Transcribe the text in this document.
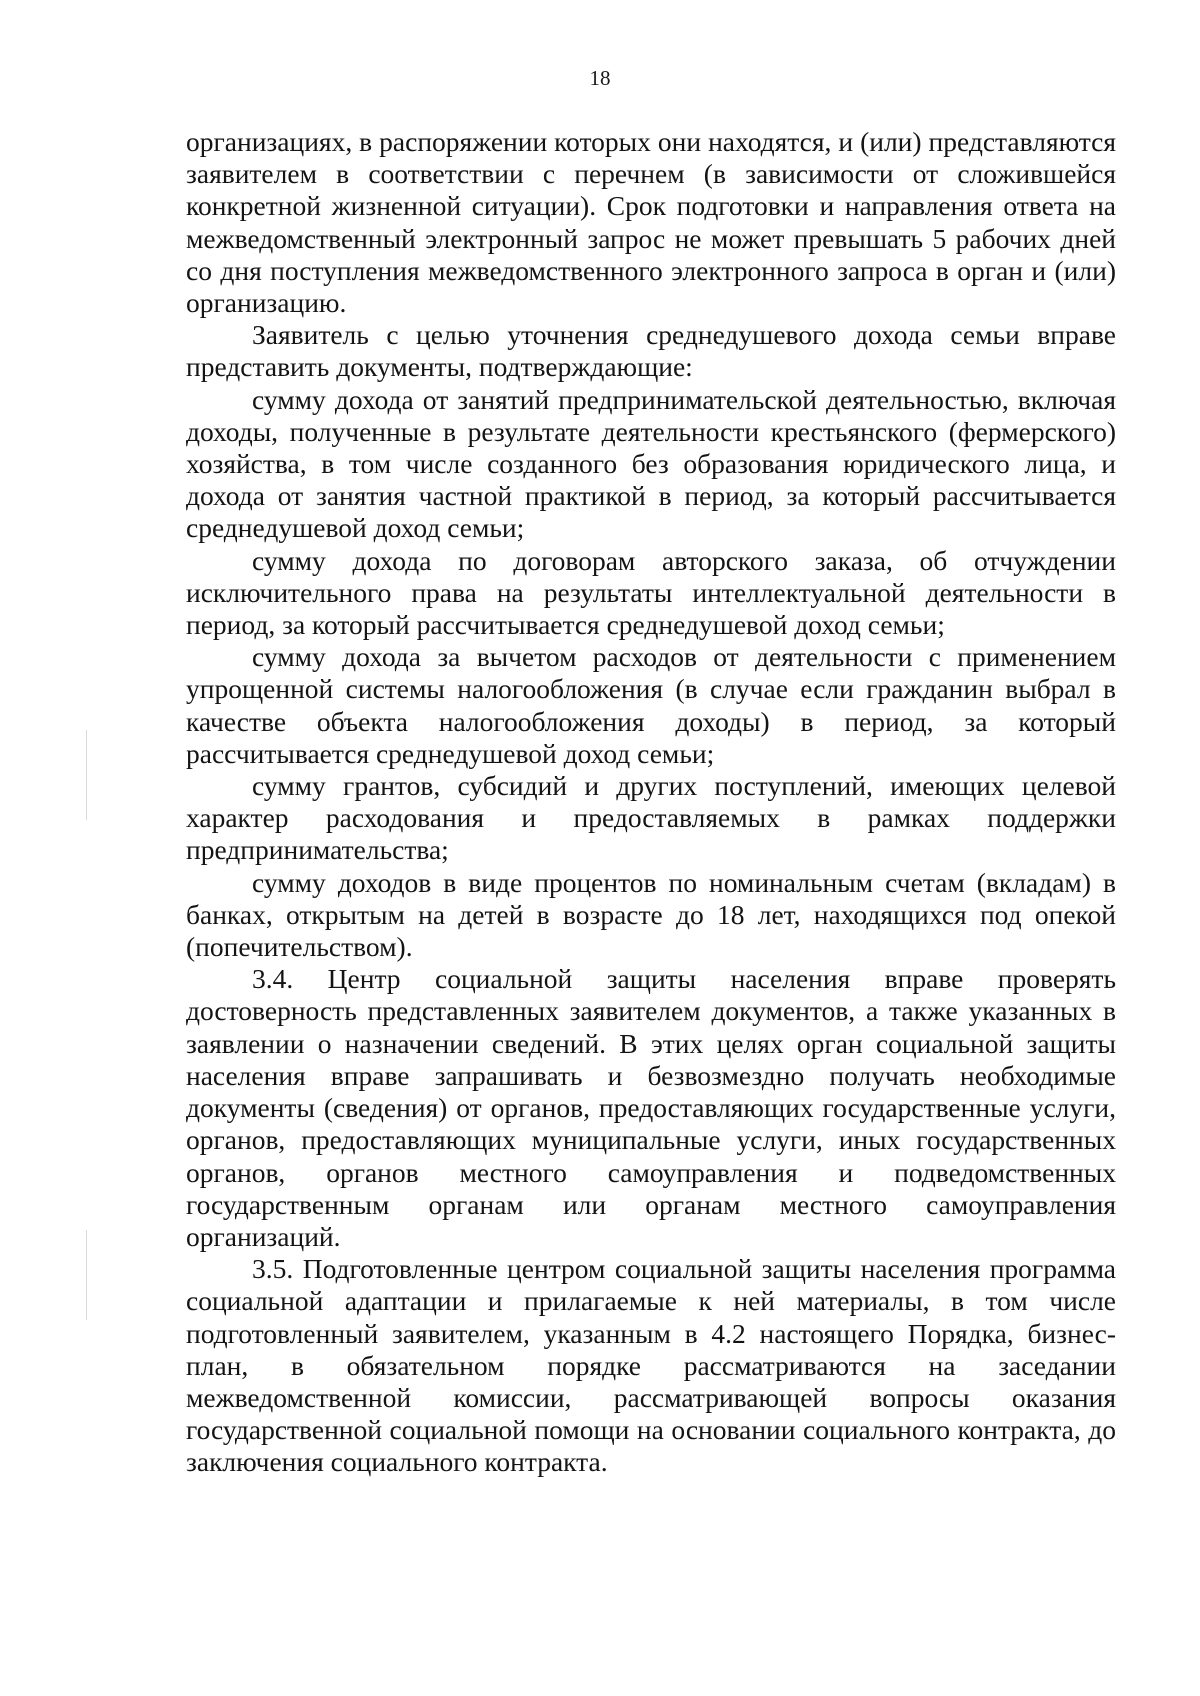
18

организациях, в распоряжении которых они находятся, и (или) представляются заявителем в соответствии с перечнем (в зависимости от сложившейся конкретной жизненной ситуации). Срок подготовки и направления ответа на межведомственный электронный запрос не может превышать 5 рабочих дней со дня поступления межведомственного электронного запроса в орган и (или) организацию.

Заявитель с целью уточнения среднедушевого дохода семьи вправе представить документы, подтверждающие:

сумму дохода от занятий предпринимательской деятельностью, включая доходы, полученные в результате деятельности крестьянского (фермерского) хозяйства, в том числе созданного без образования юридического лица, и дохода от занятия частной практикой в период, за который рассчитывается среднедушевой доход семьи;

сумму дохода по договорам авторского заказа, об отчуждении исключительного права на результаты интеллектуальной деятельности в период, за который рассчитывается среднедушевой доход семьи;

сумму дохода за вычетом расходов от деятельности с применением упрощенной системы налогообложения (в случае если гражданин выбрал в качестве объекта налогообложения доходы) в период, за который рассчитывается среднедушевой доход семьи;

сумму грантов, субсидий и других поступлений, имеющих целевой характер расходования и предоставляемых в рамках поддержки предпринимательства;

сумму доходов в виде процентов по номинальным счетам (вкладам) в банках, открытым на детей в возрасте до 18 лет, находящихся под опекой (попечительством).

3.4. Центр социальной защиты населения вправе проверять достоверность представленных заявителем документов, а также указанных в заявлении о назначении сведений. В этих целях орган социальной защиты населения вправе запрашивать и безвозмездно получать необходимые документы (сведения) от органов, предоставляющих государственные услуги, органов, предоставляющих муниципальные услуги, иных государственных органов, органов местного самоуправления и подведомственных государственным органам или органам местного самоуправления организаций.

3.5. Подготовленные центром социальной защиты населения программа социальной адаптации и прилагаемые к ней материалы, в том числе подготовленный заявителем, указанным в 4.2 настоящего Порядка, бизнес-план, в обязательном порядке рассматриваются на заседании межведомственной комиссии, рассматривающей вопросы оказания государственной социальной помощи на основании социального контракта, до заключения социального контракта.
